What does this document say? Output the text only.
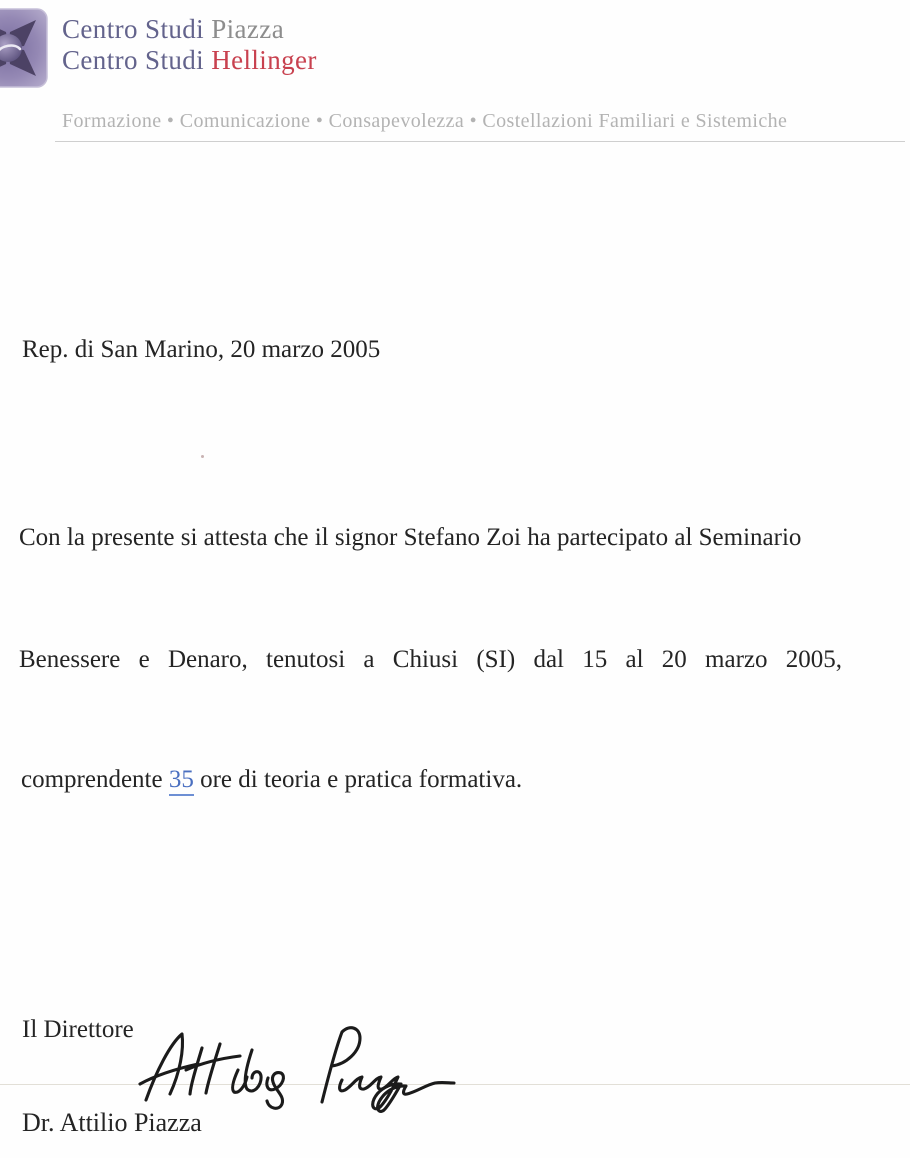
Centro Studi Piazza
Centro Studi Hellinger
Formazione • Comunicazione • Consapevolezza • Costellazioni Familiari e Sistemiche
Rep. di San Marino, 20 marzo 2005
Con la presente si attesta che il signor Stefano Zoi ha partecipato al Seminario
Benessere e Denaro, tenutosi a Chiusi (SI) dal 15 al 20 marzo 2005,
comprendente 35 ore di teoria e pratica formativa.
Il Direttore
Dr. Attilio Piazza
